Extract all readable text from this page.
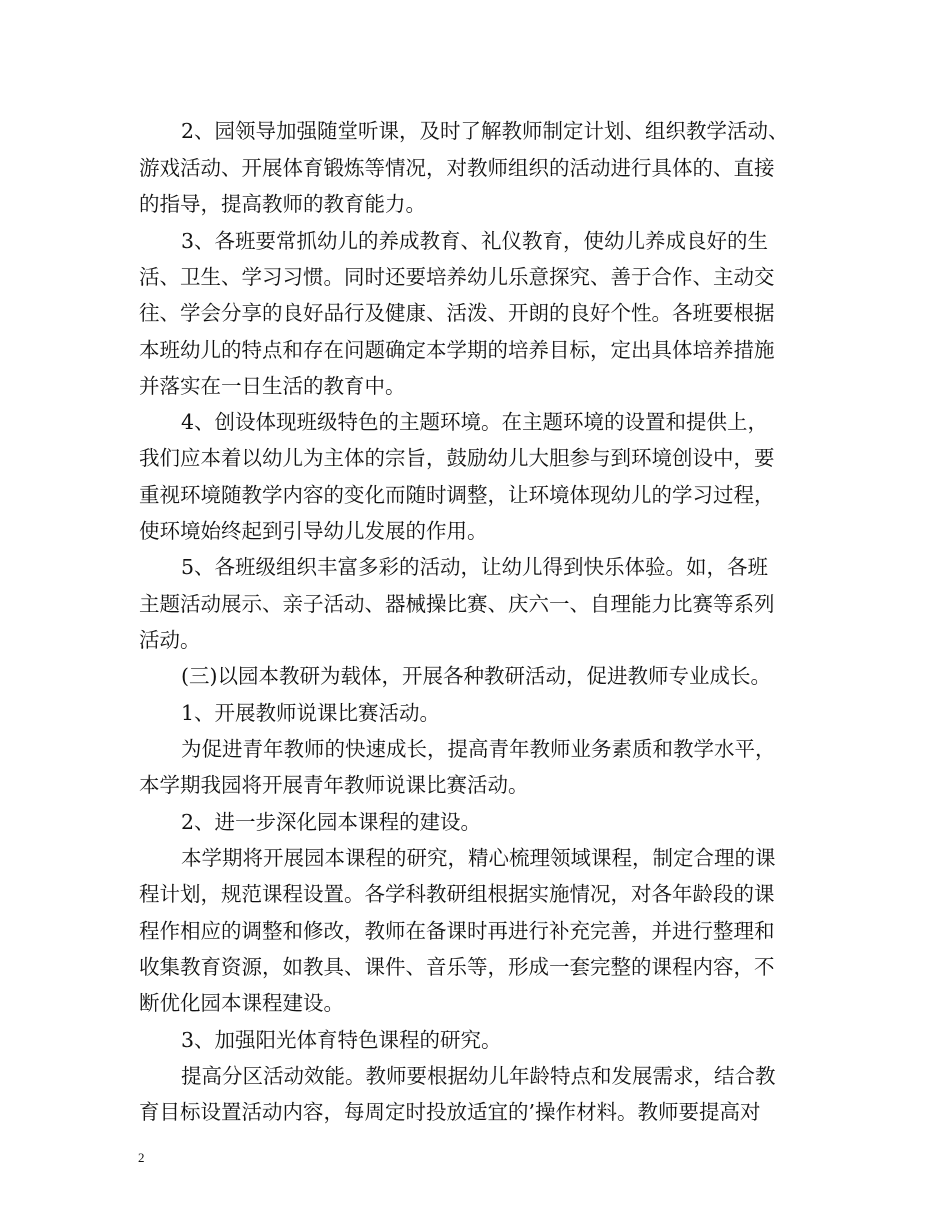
2、园领导加强随堂听课，及时了解教师制定计划、组织教学活动、
游戏活动、开展体育锻炼等情况，对教师组织的活动进行具体的、直接
的指导，提高教师的教育能力。
3、各班要常抓幼儿的养成教育、礼仪教育，使幼儿养成良好的生
活、卫生、学习习惯。同时还要培养幼儿乐意探究、善于合作、主动交
往、学会分享的良好品行及健康、活泼、开朗的良好个性。各班要根据
本班幼儿的特点和存在问题确定本学期的培养目标，定出具体培养措施
并落实在一日生活的教育中。
4、创设体现班级特色的主题环境。在主题环境的设置和提供上，
我们应本着以幼儿为主体的宗旨，鼓励幼儿大胆参与到环境创设中，要
重视环境随教学内容的变化而随时调整，让环境体现幼儿的学习过程，
使环境始终起到引导幼儿发展的作用。
5、各班级组织丰富多彩的活动，让幼儿得到快乐体验。如，各班
主题活动展示、亲子活动、器械操比赛、庆六一、自理能力比赛等系列
活动。
(三)以园本教研为载体，开展各种教研活动，促进教师专业成长。
1、开展教师说课比赛活动。
为促进青年教师的快速成长，提高青年教师业务素质和教学水平，
本学期我园将开展青年教师说课比赛活动。
2、进一步深化园本课程的建设。
本学期将开展园本课程的研究，精心梳理领域课程，制定合理的课
程计划，规范课程设置。各学科教研组根据实施情况，对各年龄段的课
程作相应的调整和修改，教师在备课时再进行补充完善，并进行整理和
收集教育资源，如教具、课件、音乐等，形成一套完整的课程内容，不
断优化园本课程建设。
3、加强阳光体育特色课程的研究。
提高分区活动效能。教师要根据幼儿年龄特点和发展需求，结合教
育目标设置活动内容，每周定时投放适宜的’操作材料。教师要提高对
2
